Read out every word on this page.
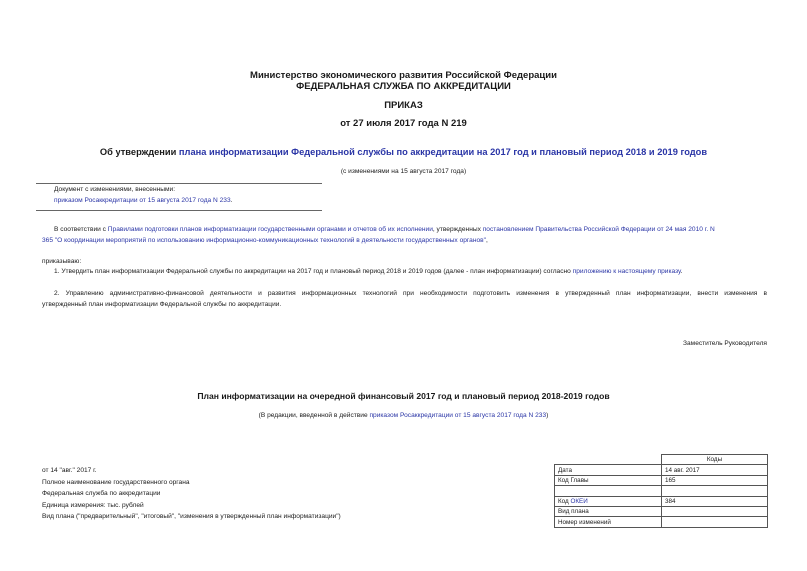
Министерство экономического развития Российской Федерации
ФЕДЕРАЛЬНАЯ СЛУЖБА ПО АККРЕДИТАЦИИ
ПРИКАЗ
от 27 июля 2017 года N 219
Об утверждении плана информатизации Федеральной службы по аккредитации на 2017 год и плановый период 2018 и 2019 годов
(с изменениями на 15 августа 2017 года)
Документ с изменениями, внесенными:
приказом Росаккредитации от 15 августа 2017 года N 233.
В соответствии с Правилами подготовки планов информатизации государственными органами и отчетов об их исполнении, утвержденных постановлением Правительства Российской Федерации от 24 мая 2010 г. N
365 "О координации мероприятий по использованию информационно-коммуникационных технологий в деятельности государственных органов",
приказываю:
1. Утвердить план информатизации Федеральной службы по аккредитации на 2017 год и плановый период 2018 и 2019 годов (далее - план информатизации) согласно приложению к настоящему приказу.
2. Управлению административно-финансовой деятельности и развития информационных технологий при необходимости подготовить изменения в утвержденный план информатизации, внести изменения в
утвержденный план информатизации Федеральной службы по аккредитации.
Заместитель Руководителя
План информатизации на очередной финансовый 2017 год и плановый период 2018-2019 годов
(В редакции, введенной в действие приказом Росаккредитации от 15 августа 2017 года N 233)
от 14 "авг." 2017 г.
Полное наименование государственного органа
Федеральная служба по аккредитации
Единица измерения: тыс. рублей
Вид плана ("предварительный", "итоговый", "изменения в утвержденный план информатизации")
	Коды
Дата	14 авг. 2017
Код Главы	165

Код ОКЕИ	384
Вид плана	
Номер изменений	
